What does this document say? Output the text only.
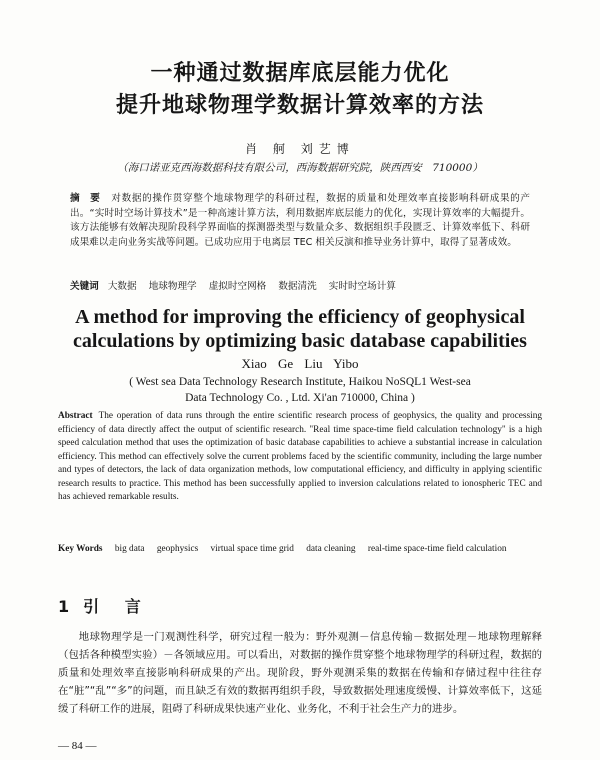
一种通过数据库底层能力优化
提升地球物理学数据计算效率的方法
肖 舸 刘艺博
（海口诺亚克西海数据科技有限公司，西海数据研究院，陕西西安　710000）
摘 要 对数据的操作贯穿整个地球物理学的科研过程，数据的质量和处理效率直接影响科研成果的产出。“实时时空场计算技术”是一种高速计算方法，利用数据库底层能力的优化，实现计算效率的大幅提升。该方法能够有效解决现阶段科学界面临的探测器类型与数量众多、数据组织手段匮乏、计算效率低下、科研成果难以走向业务实战等问题。已成功应用于电离层 TEC 相关反演和推导业务计算中，取得了显著成效。
关键词 大数据 地球物理学 虚拟时空网格 数据清洗 实时时空场计算
A method for improving the efficiency of geophysical
calculations by optimizing basic database capabilities
Xiao Ge Liu Yibo
( West sea Data Technology Research Institute, Haikou NoSQL1 West-sea
Data Technology Co. , Ltd. Xi'an 710000, China )
Abstract The operation of data runs through the entire scientific research process of geophysics, the quality and processing efficiency of data directly affect the output of scientific research. "Real time space-time field calculation technology" is a high speed calculation method that uses the optimization of basic database capabilities to achieve a substantial increase in calculation efficiency. This method can effectively solve the current problems faced by the scientific community, including the large number and types of detectors, the lack of data organization methods, low computational efficiency, and difficulty in applying scientific research results to practice. This method has been successfully applied to inversion calculations related to ionospheric TEC and has achieved remarkable results.
Key Words big data geophysics virtual space time grid data cleaning real-time space-time field calculation
1 引 言

地球物理学是一门观测性科学，研究过程一般为：野外观测－信息传输－数据处理－地球物理解释（包括各种模型实验）－各领域应用。可以看出，对数据的操作贯穿整个地球物理学的科研过程，数据的质量和处理效率直接影响科研成果的产出。现阶段，野外观测采集的数据在传输和存储过程中往往存在“脏”“乱”“多”的问题，而且缺乏有效的数据再组织手段，导致数据处理速度缓慢、计算效率低下，这延缓了科研工作的进展，阻碍了科研成果快速产业化、业务化，不利于社会生产力的进步。

— 84 —
